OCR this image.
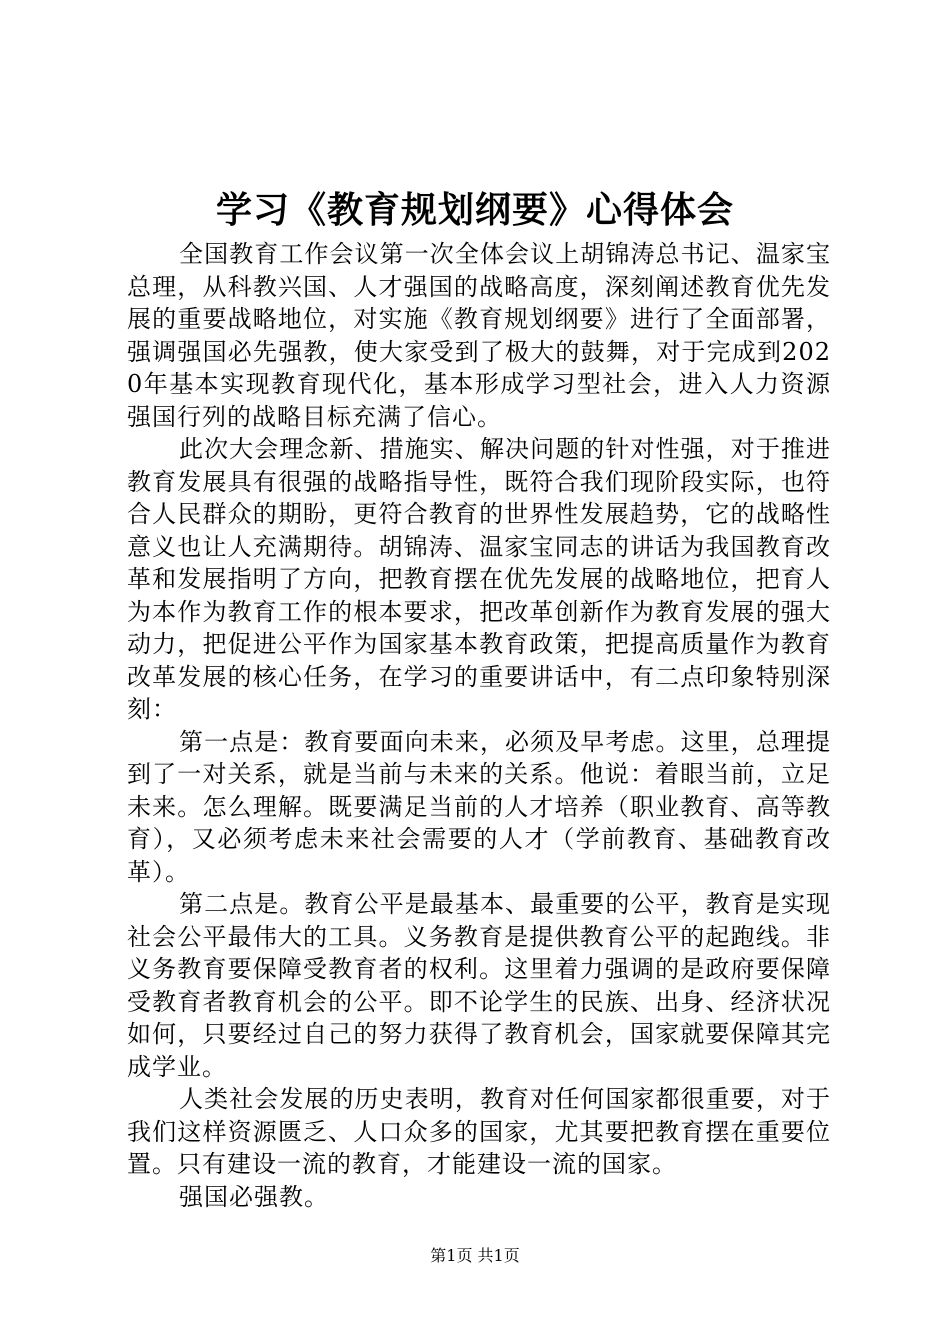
学习《教育规划纲要》心得体会

全国教育工作会议第一次全体会议上胡锦涛总书记、温家宝总理，从科教兴国、人才强国的战略高度，深刻阐述教育优先发展的重要战略地位，对实施《教育规划纲要》进行了全面部署，强调强国必先强教，使大家受到了极大的鼓舞，对于完成到2020年基本实现教育现代化，基本形成学习型社会，进入人力资源强国行列的战略目标充满了信心。

此次大会理念新、措施实、解决问题的针对性强，对于推进教育发展具有很强的战略指导性，既符合我们现阶段实际，也符合人民群众的期盼，更符合教育的世界性发展趋势，它的战略性意义也让人充满期待。胡锦涛、温家宝同志的讲话为我国教育改革和发展指明了方向，把教育摆在优先发展的战略地位，把育人为本作为教育工作的根本要求，把改革创新作为教育发展的强大动力，把促进公平作为国家基本教育政策，把提高质量作为教育改革发展的核心任务，在学习的重要讲话中，有二点印象特别深刻：

第一点是：教育要面向未来，必须及早考虑。这里，总理提到了一对关系，就是当前与未来的关系。他说：着眼当前，立足未来。怎么理解。既要满足当前的人才培养（职业教育、高等教育），又必须考虑未来社会需要的人才（学前教育、基础教育改革）。

第二点是。教育公平是最基本、最重要的公平，教育是实现社会公平最伟大的工具。义务教育是提供教育公平的起跑线。非义务教育要保障受教育者的权利。这里着力强调的是政府要保障受教育者教育机会的公平。即不论学生的民族、出身、经济状况如何，只要经过自己的努力获得了教育机会，国家就要保障其完成学业。

人类社会发展的历史表明，教育对任何国家都很重要，对于我们这样资源匮乏、人口众多的国家，尤其要把教育摆在重要位置。只有建设一流的教育，才能建设一流的国家。

强国必强教。

第1页 共1页
